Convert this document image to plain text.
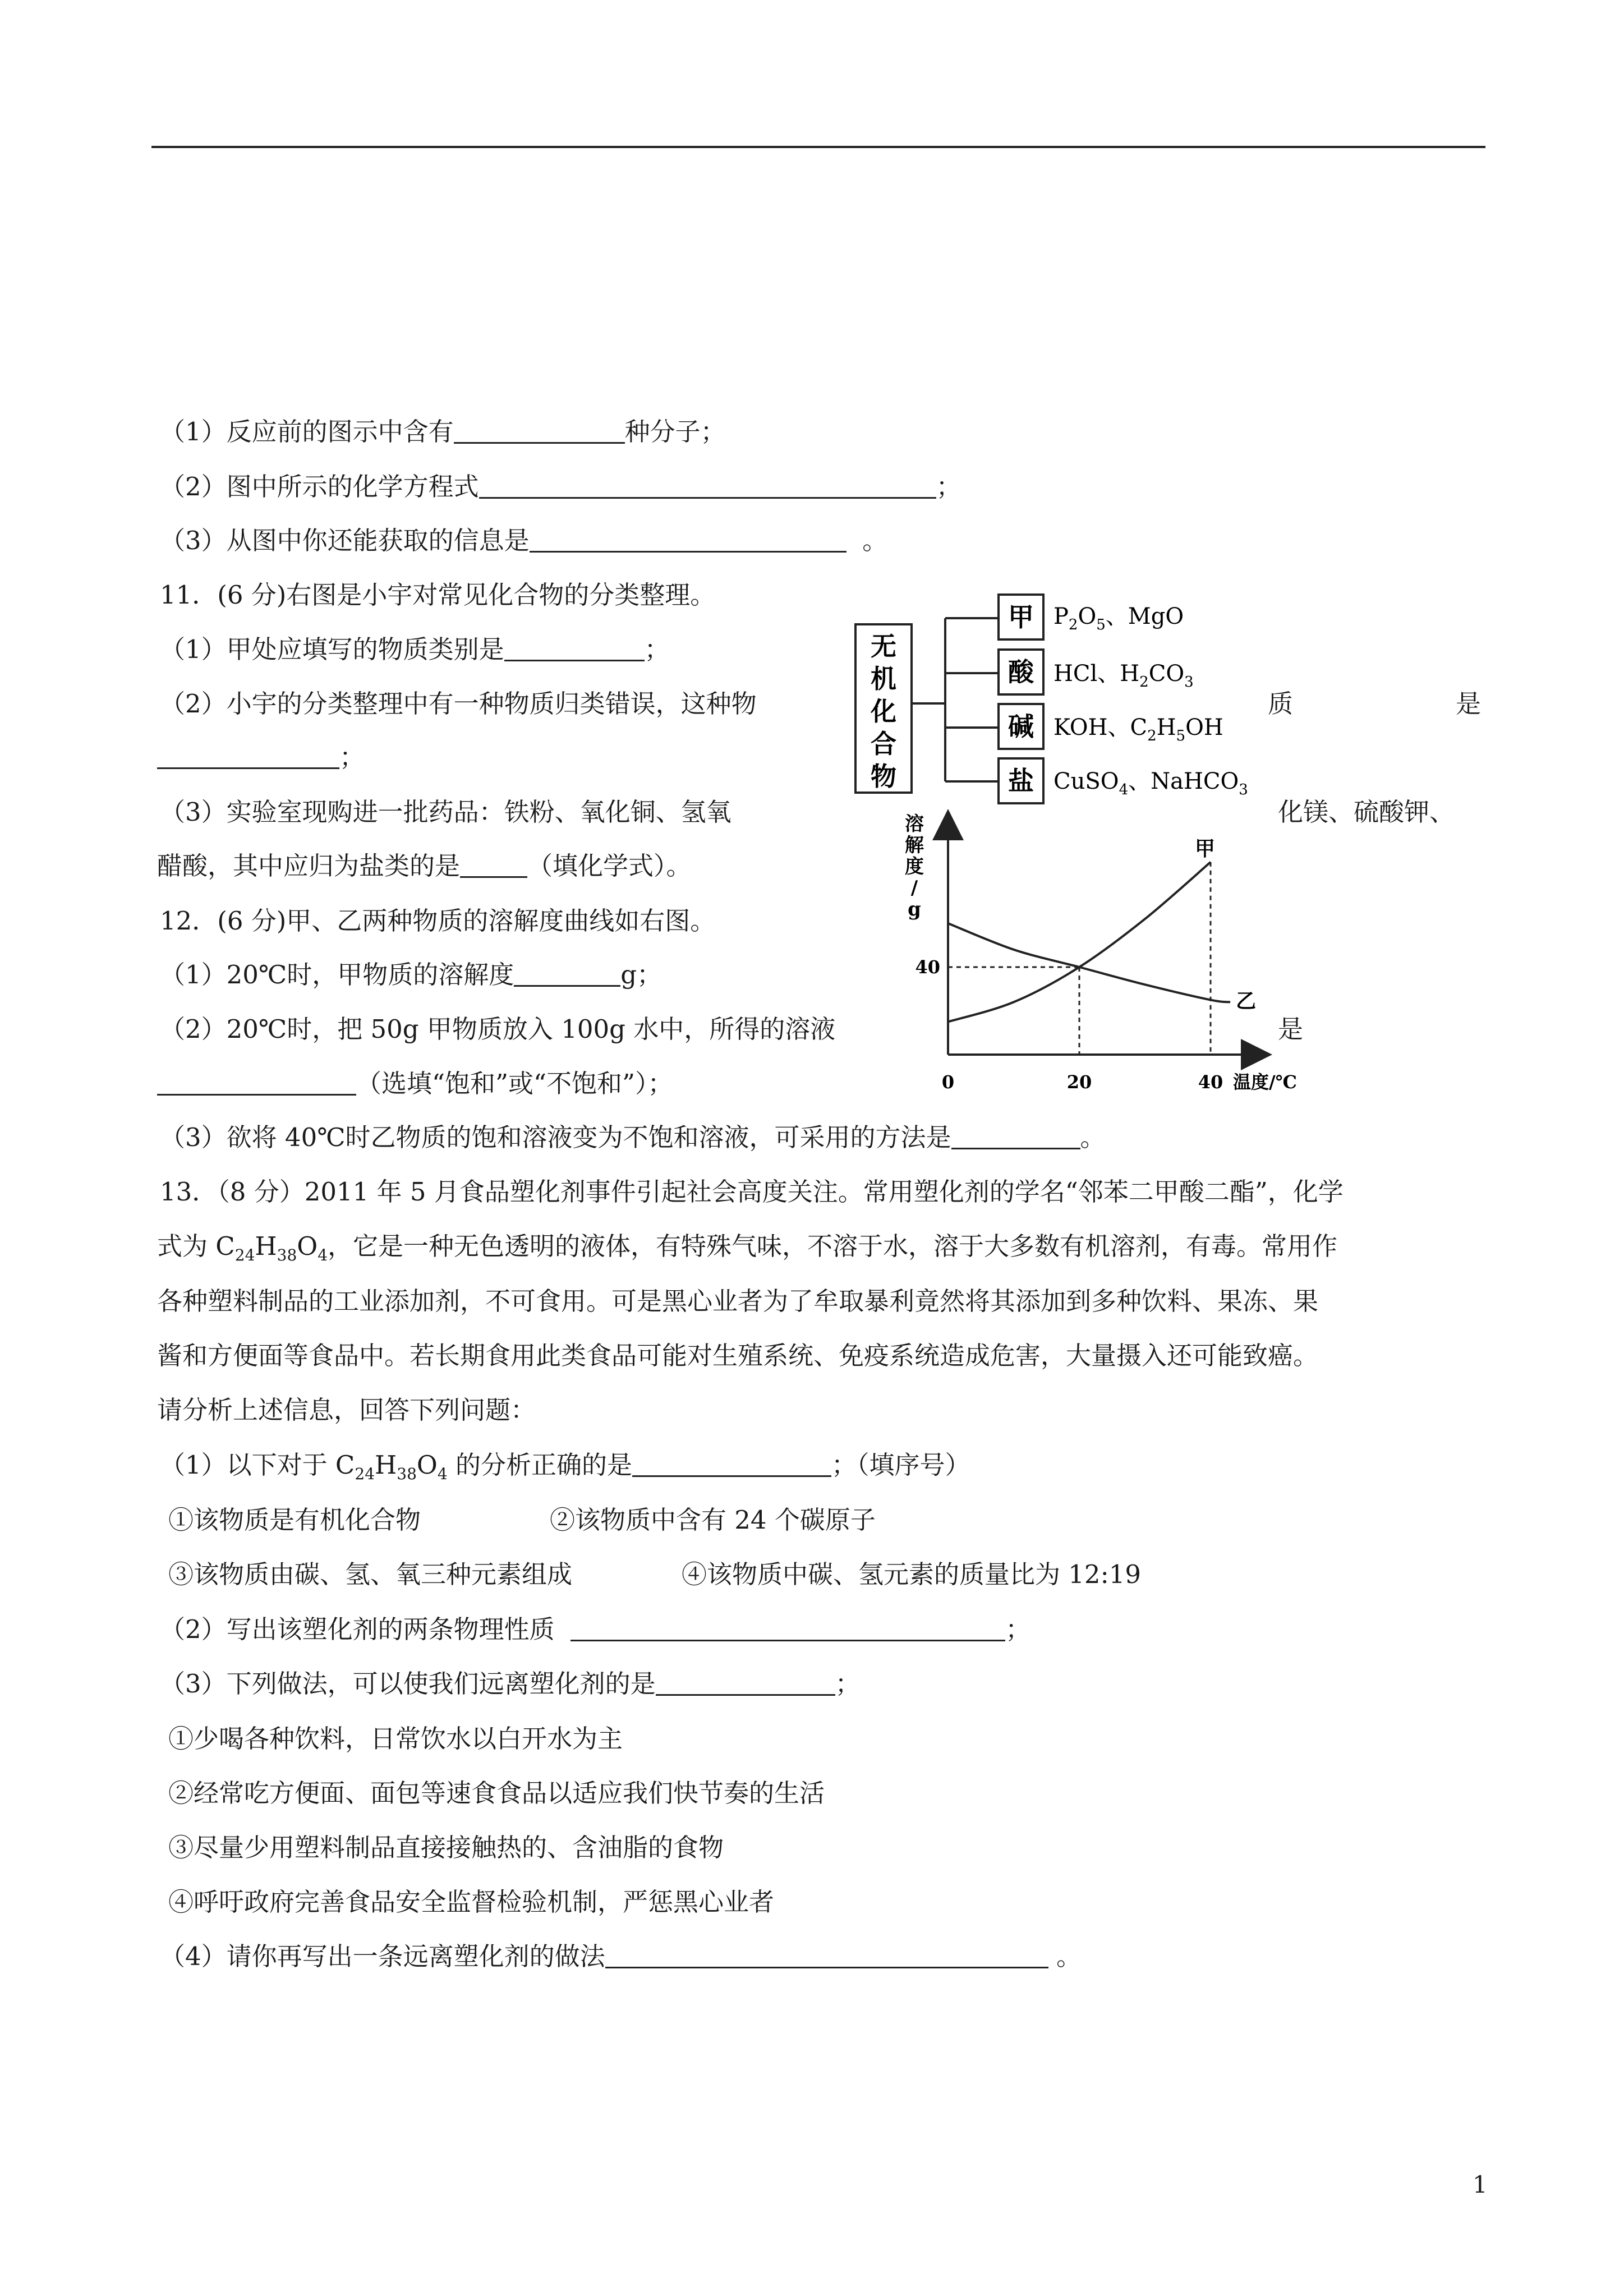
（1）反应前的图示中含有	种分子；
（2）图中所示的化学方程式	；
（3）从图中你还能获取的信息是	。
11．(6 分)右图是小宇对常见化合物的分类整理。
（1）甲处应填写的物质类别是	；
（2）小宇的分类整理中有一种物质归类错误，这种物	质	是
；
（3）实验室现购进一批药品：铁粉、氧化铜、氢氧	化镁、硫酸钾、
醋酸，其中应归为盐类的是	（填化学式）。
无
机
化
合
物
甲
酸
碱
盐
$P_2O_5$、MgO
HCl、$H_2CO_3$
KOH、$C_2H_5OH$
CuSO$_4$、NaHCO$_3$
12．(6 分)甲、乙两种物质的溶解度曲线如右图。
（1）20℃时，甲物质的溶解度	g；
（2）20℃时，把 50g 甲物质放入 100g 水中，所得的溶液	是
（选填“饱和”或“不饱和”）；
（3）欲将 40℃时乙物质的饱和溶液变为不饱和溶液，可采用的方法是	。
溶
解
度
/
g
0	20	40
40
温度/℃
甲
乙
13．（8 分）2011 年 5 月食品塑化剂事件引起社会高度关注。常用塑化剂的学名“邻苯二甲酸二酯”，化学
式为 $C_{24}H_{38}O_4$，它是一种无色透明的液体，有特殊气味，不溶于水，溶于大多数有机溶剂，有毒。常用作
各种塑料制品的工业添加剂，不可食用。可是黑心业者为了牟取暴利竟然将其添加到多种饮料、果冻、果
酱和方便面等食品中。若长期食用此类食品可能对生殖系统、免疫系统造成危害，大量摄入还可能致癌。
请分析上述信息，回答下列问题：
（1）以下对于 $C_{24}H_{38}O_4$ 的分析正确的是	；（填序号）
①该物质是有机化合物	②该物质中含有 24 个碳原子
③该物质由碳、氢、氧三种元素组成	④该物质中碳、氢元素的质量比为 12:19
（2）写出该塑化剂的两条物理性质	；
（3）下列做法，可以使我们远离塑化剂的是	；
①少喝各种饮料，日常饮水以白开水为主
②经常吃方便面、面包等速食食品以适应我们快节奏的生活
③尽量少用塑料制品直接接触热的、含油脂的食物
④呼吁政府完善食品安全监督检验机制，严惩黑心业者
（4）请你再写出一条远离塑化剂的做法	。
1
